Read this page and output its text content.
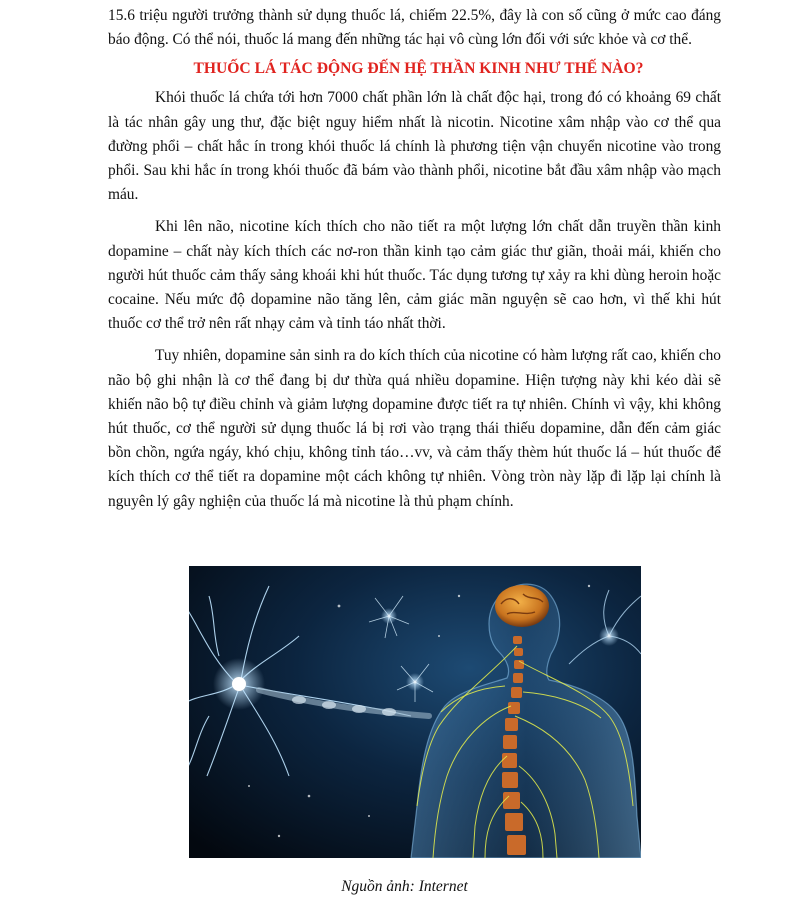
15.6 triệu người trưởng thành sử dụng thuốc lá, chiếm 22.5%, đây là con số cũng ở mức cao đáng báo động. Có thể nói, thuốc lá mang đến những tác hại vô cùng lớn đối với sức khỏe và cơ thể.

THUỐC LÁ TÁC ĐỘNG ĐẾN HỆ THẦN KINH NHƯ THẾ NÀO?

Khói thuốc lá chứa tới hơn 7000 chất phần lớn là chất độc hại, trong đó có khoảng 69 chất là tác nhân gây ung thư, đặc biệt nguy hiểm nhất là nicotin. Nicotine xâm nhập vào cơ thể qua đường phổi – chất hắc ín trong khói thuốc lá chính là phương tiện vận chuyển nicotine vào trong phổi. Sau khi hắc ín trong khói thuốc đã bám vào thành phổi, nicotine bắt đầu xâm nhập vào mạch máu.

Khi lên não, nicotine kích thích cho não tiết ra một lượng lớn chất dẫn truyền thần kinh dopamine – chất này kích thích các nơ-ron thần kinh tạo cảm giác thư giãn, thoải mái, khiến cho người hút thuốc cảm thấy sảng khoái khi hút thuốc. Tác dụng tương tự xảy ra khi dùng heroin hoặc cocaine. Nếu mức độ dopamine não tăng lên, cảm giác mãn nguyện sẽ cao hơn, vì thế khi hút thuốc cơ thể trở nên rất nhạy cảm và tỉnh táo nhất thời.

Tuy nhiên, dopamine sản sinh ra do kích thích của nicotine có hàm lượng rất cao, khiến cho não bộ ghi nhận là cơ thể đang bị dư thừa quá nhiều dopamine. Hiện tượng này khi kéo dài sẽ khiến não bộ tự điều chỉnh và giảm lượng dopamine được tiết ra tự nhiên. Chính vì vậy, khi không hút thuốc, cơ thể người sử dụng thuốc lá bị rơi vào trạng thái thiếu dopamine, dẫn đến cảm giác bồn chồn, ngứa ngáy, khó chịu, không tỉnh táo…vv, và cảm thấy thèm hút thuốc lá – hút thuốc để kích thích cơ thể tiết ra dopamine một cách không tự nhiên. Vòng tròn này lặp đi lặp lại chính là nguyên lý gây nghiện của thuốc lá mà nicotine là thủ phạm chính.

Nguồn ảnh: Internet
